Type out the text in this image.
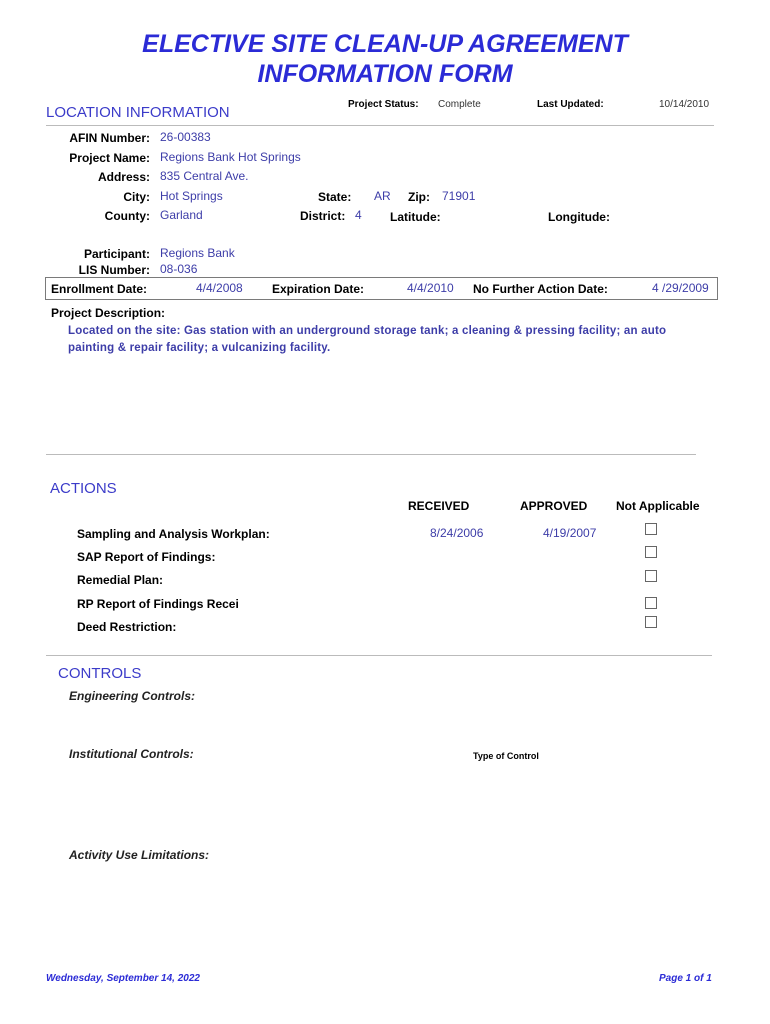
ELECTIVE SITE CLEAN-UP AGREEMENT
INFORMATION FORM
LOCATION INFORMATION	Project Status: Complete	Last Updated:	10/14/2010
AFIN Number: 26-00383
Project Name: Regions Bank Hot Springs
Address: 835 Central Ave.
City: Hot Springs	State: AR Zip: 71901
County: Garland	District: 4 Latitude:	Longitude:
Participant: Regions Bank
LIS Number: 08-036
Enrollment Date:	4/4/2008 Expiration Date:	4/4/2010 No Further Action Date:	4 /29/2009
Project Description:
Located on the site: Gas station with an underground storage tank; a cleaning & pressing facility; an auto painting & repair facility; a vulcanizing facility.
ACTIONS
RECEIVED	APPROVED Not Applicable
Sampling and Analysis Workplan:	8/24/2006	4/19/2007
SAP Report of Findings:
Remedial Plan:
RP Report of Findings Recei
Deed Restriction:
CONTROLS
Engineering Controls:
Institutional Controls:	Type of Control
Activity Use Limitations:
Wednesday, September 14, 2022	Page 1 of 1
